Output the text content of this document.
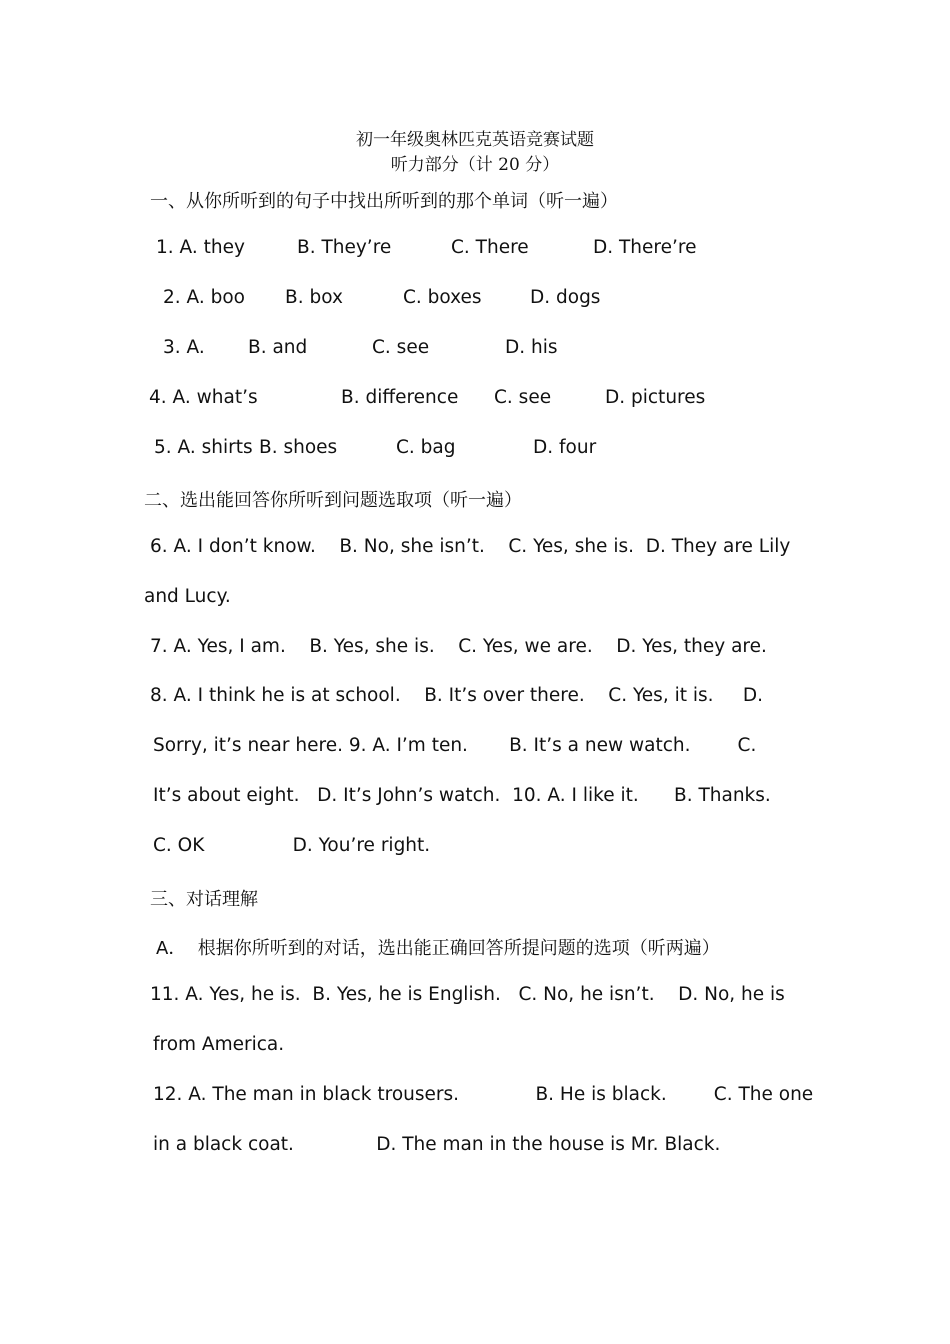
初一年级奥林匹克英语竞赛试题
听力部分（计 20 分）
一、从你所听到的句子中找出所听到的那个单词（听一遍）
1. A. they	B. They’re	C. There	D. There’re
2. A. boo B. box	C. boxes	D. dogs
3. A. B. and	C. see	D. his
4. A. what’s	B. difference C. see	D. pictures
5. A. shirts B. shoes	C. bag	D. four
二、选出能回答你所听到问题选取项（听一遍）
6. A. I don’t know.    B. No, she isn’t.    C. Yes, she is.  D. They are Lily
and Lucy.
7. A. Yes, I am.    B. Yes, she is.    C. Yes, we are.    D. Yes, they are.
8. A. I think he is at school.    B. It’s over there.    C. Yes, it is.     D.
Sorry, it’s near here. 9. A. I’m ten.       B. It’s a new watch.        C.
It’s about eight.   D. It’s John’s watch.  10. A. I like it.      B. Thanks.
C. OK               D. You’re right.
三、对话理解
A．  根据你所听到的对话，选出能正确回答所提问题的选项（听两遍）
11. A. Yes, he is.  B. Yes, he is English.   C. No, he isn’t.    D. No, he is
from America.
12. A. The man in black trousers.             B. He is black.        C. The one
in a black coat.              D. The man in the house is Mr. Black.
